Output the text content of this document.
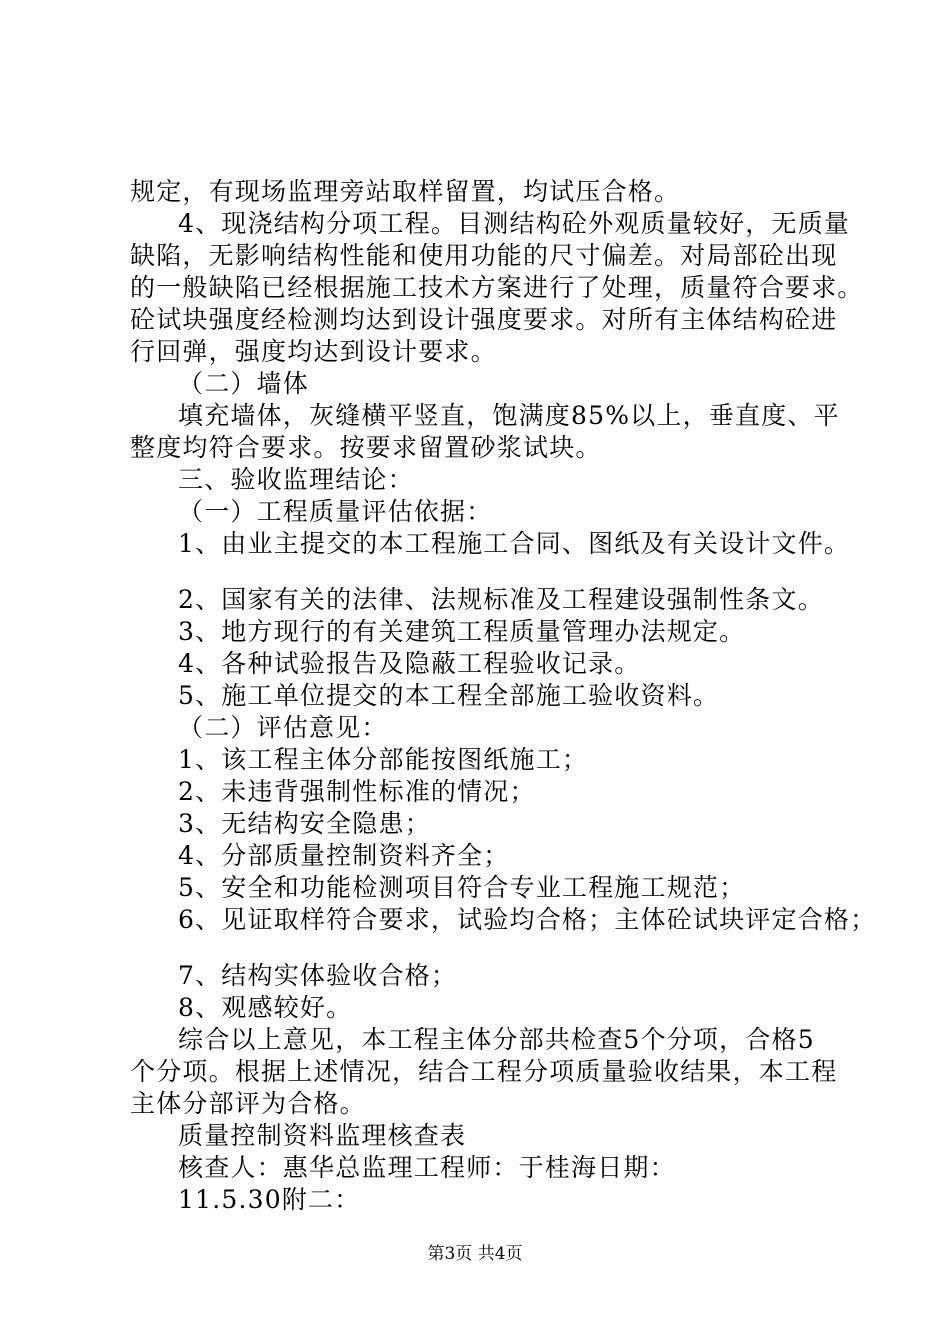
规定，有现场监理旁站取样留置，均试压合格。
4、现浇结构分项工程。目测结构砼外观质量较好，无质量
缺陷，无影响结构性能和使用功能的尺寸偏差。对局部砼出现
的一般缺陷已经根据施工技术方案进行了处理，质量符合要求。
砼试块强度经检测均达到设计强度要求。对所有主体结构砼进
行回弹，强度均达到设计要求。
（二）墙体
填充墙体，灰缝横平竖直，饱满度85%以上，垂直度、平
整度均符合要求。按要求留置砂浆试块。
三、验收监理结论：
（一）工程质量评估依据：
1、由业主提交的本工程施工合同、图纸及有关设计文件。
2、国家有关的法律、法规标准及工程建设强制性条文。
3、地方现行的有关建筑工程质量管理办法规定。
4、各种试验报告及隐蔽工程验收记录。
5、施工单位提交的本工程全部施工验收资料。
（二）评估意见：
1、该工程主体分部能按图纸施工；
2、未违背强制性标准的情况；
3、无结构安全隐患；
4、分部质量控制资料齐全；
5、安全和功能检测项目符合专业工程施工规范；
6、见证取样符合要求，试验均合格；主体砼试块评定合格；
7、结构实体验收合格；
8、观感较好。
综合以上意见，本工程主体分部共检查5个分项，合格5
个分项。根据上述情况，结合工程分项质量验收结果，本工程
主体分部评为合格。
质量控制资料监理核查表
核查人：惠华总监理工程师：于桂海日期：
11.5.30附二：
第3页 共4页
